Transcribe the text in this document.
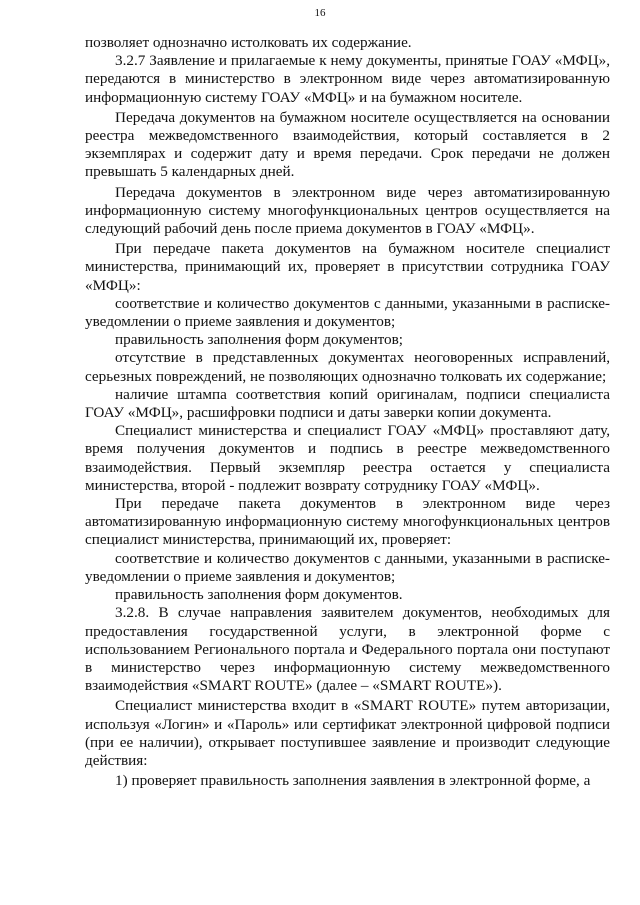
16

позволяет однозначно истолковать их содержание.

3.2.7 Заявление и прилагаемые к нему документы, принятые ГОАУ «МФЦ», передаются в министерство в электронном виде через автоматизированную информационную систему ГОАУ «МФЦ» и на бумажном носителе.

Передача документов на бумажном носителе осуществляется на основании реестра межведомственного взаимодействия, который составляется в 2 экземплярах и содержит дату и время передачи. Срок передачи не должен превышать 5 календарных дней.

Передача документов в электронном виде через автоматизированную информационную систему многофункциональных центров осуществляется на следующий рабочий день после приема документов в ГОАУ «МФЦ».

При передаче пакета документов на бумажном носителе специалист министерства, принимающий их, проверяет в присутствии сотрудника ГОАУ «МФЦ»:

соответствие и количество документов с данными, указанными в расписке-уведомлении о приеме заявления и документов;

правильность заполнения форм документов;

отсутствие в представленных документах неоговоренных исправлений, серьезных повреждений, не позволяющих однозначно толковать их содержание;

наличие штампа соответствия копий оригиналам, подписи специалиста ГОАУ «МФЦ», расшифровки подписи и даты заверки копии документа.

Специалист министерства и специалист ГОАУ «МФЦ» проставляют дату, время получения документов и подпись в реестре межведомственного взаимодействия. Первый экземпляр реестра остается у специалиста министерства, второй - подлежит возврату сотруднику ГОАУ «МФЦ».

При передаче пакета документов в электронном виде через автоматизированную информационную систему многофункциональных центров специалист министерства, принимающий их, проверяет:

соответствие и количество документов с данными, указанными в расписке-уведомлении о приеме заявления и документов;

правильность заполнения форм документов.

3.2.8. В случае направления заявителем документов, необходимых для предоставления государственной услуги, в электронной форме с использованием Регионального портала и Федерального портала они поступают в министерство через информационную систему межведомственного взаимодействия «SMART ROUTE» (далее – «SMART ROUTE»).

Специалист министерства входит в «SMART ROUTE» путем авторизации, используя «Логин» и «Пароль» или сертификат электронной цифровой подписи (при ее наличии), открывает поступившее заявление и производит следующие действия:

1) проверяет правильность заполнения заявления в электронной форме, а
